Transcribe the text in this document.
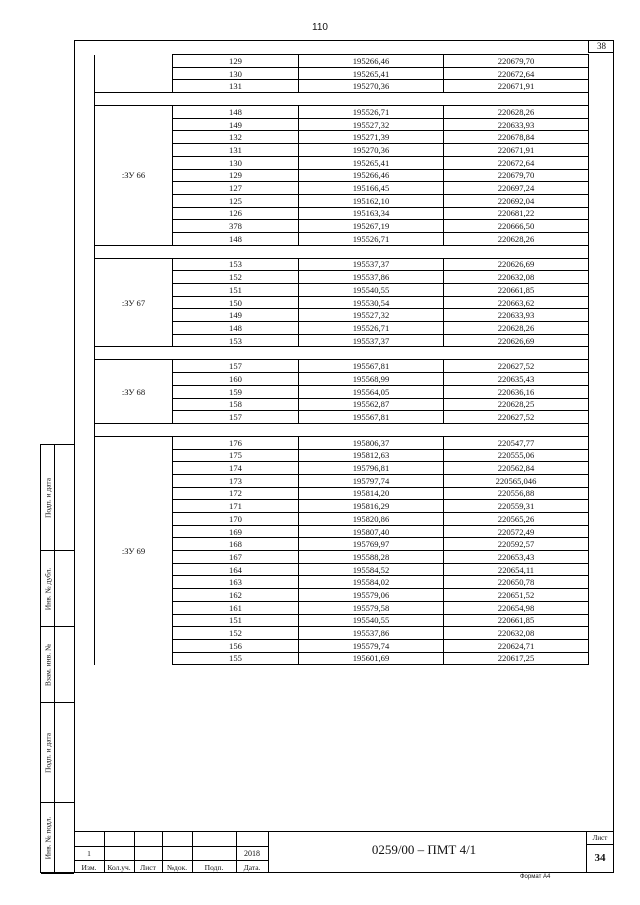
110
38
	129	195266,46	220679,70
	130	195265,41	220672,64
	131	195270,36	220671,91

:ЗУ 66	148	195526,71	220628,26
	149	195527,32	220633,93
	132	195271,39	220678,84
	131	195270,36	220671,91
	130	195265,41	220672,64
	129	195266,46	220679,70
	127	195166,45	220697,24
	125	195162,10	220692,04
	126	195163,34	220681,22
	378	195267,19	220666,50
	148	195526,71	220628,26

:ЗУ 67	153	195537,37	220626,69
	152	195537,86	220632,08
	151	195540,55	220661,85
	150	195530,54	220663,62
	149	195527,32	220633,93
	148	195526,71	220628,26
	153	195537,37	220626,69

:ЗУ 68	157	195567,81	220627,52
	160	195568,99	220635,43
	159	195564,05	220636,16
	158	195562,87	220628,25
	157	195567,81	220627,52

:ЗУ 69	176	195806,37	220547,77
	175	195812,63	220555,06
	174	195796,81	220562,84
	173	195797,74	220565,046
	172	195814,20	220556,88
	171	195816,29	220559,31
	170	195820,86	220565,26
	169	195807,40	220572,49
	168	195769,97	220592,57
	167	195588,28	220653,43
	164	195584,52	220654,11
	163	195584,02	220650,78
	162	195579,06	220651,52
	161	195579,58	220654,98
	151	195540,55	220661,85
	152	195537,86	220632,08
	156	195579,74	220624,71
	155	195601,69	220617,25
Подп. и дата
Инв. № дубл.
Взам. инв. №
Подп. и дата
Инв. № подл.	1	2018
Изм.	Кол.уч.	Лист	№док.	Подп.	Дата.
0259/00 – ПМТ 4/1
Лист
34
Формат А4
